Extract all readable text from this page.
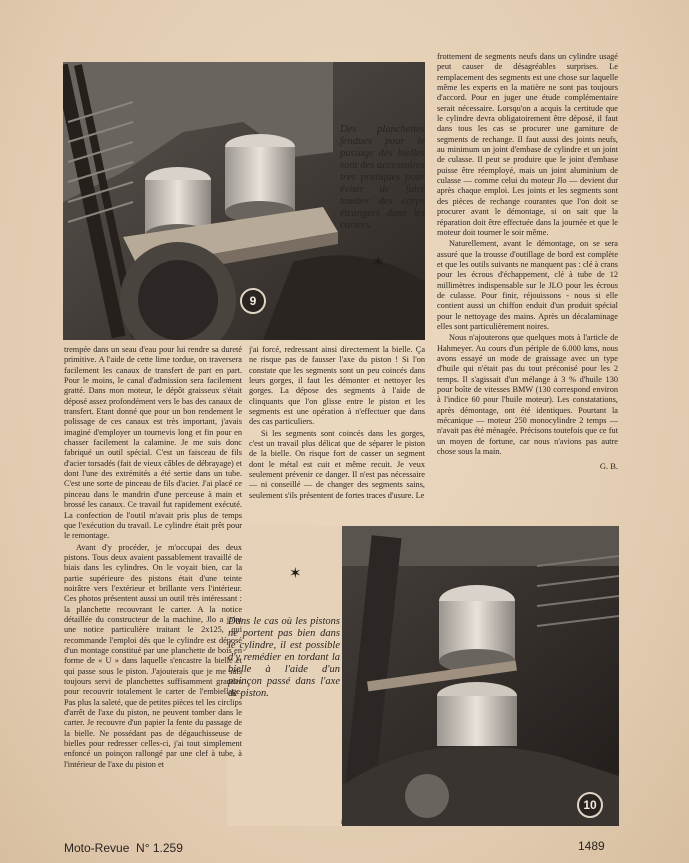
9
Des planchettes fendues pour le passage des bielles sont des accessoires très pratiques pour éviter de faire tomber des corps étrangers dans les carters.
✶
10
Dans le cas où les pistons ne portent pas bien dans le cylindre, il est possible d'y remédier en tordant la bielle à l'aide d'un poinçon passé dans l'axe de piston.
✶

trempée dans un seau d'eau pour lui rendre sa dureté primitive. A l'aide de cette lime tordue, on traversera facilement les canaux de transfert de part en part. Pour le moins, le canal d'admission sera facilement gratté. Dans mon moteur, le dépôt graisseux s'était déposé assez profondément vers le bas des canaux de transfert. Etant donné que pour un bon rendement le polissage de ces canaux est très important, j'avais imaginé d'employer un tournevis long et fin pour en chasser facilement la calamine. Je me suis donc fabriqué un outil spécial. C'est un faisceau de fils d'acier torsadés (fait de vieux câbles de débrayage) et dont l'une des extrémités a été sertie dans un tube. C'est une sorte de pinceau de fils d'acier. J'ai placé ce pinceau dans le mandrin d'une perceuse à main et brossé les canaux. Ce travail fut rapidement exécuté. La confection de l'outil m'avait pris plus de temps que l'exécution du travail. Le cylindre était prêt pour le remontage.

Avant d'y procéder, je m'occupai des deux pistons. Tous deux avaient passablement travaillé de biais dans les cylindres. On le voyait bien, car la partie supérieure des pistons était d'une teinte noirâtre vers l'extérieur et brillante vers l'intérieur. Ces photos présentent aussi un outil très intéressant : la planchette recouvrant le carter. A la notice détaillée du constructeur de la machine, Jlo a joint une notice particulière traitant le 2x125, qui recommande l'emploi dès que le cylindre est déposé d'un montage constitué par une planchette de bois en forme de « U » dans laquelle s'encastre la bielle et qui passe sous le piston. J'ajouterais que je me suis toujours servi de planchettes suffisamment grandes pour recouvrir totalement le carter de l'embiellage. Pas plus la saleté, que de petites pièces tel les circlips d'arrêt de l'axe du piston, ne peuvent tomber dans le carter. Je recouvre d'un papier la fente du passage de la bielle. Ne possédant pas de dégauchisseuse de bielles pour redresser celles-ci, j'ai tout simplement enfoncé un poinçon rallongé par une clef à tube, à l'intérieur de l'axe du piston et

j'ai forcé, redressant ainsi directement la bielle. Ça ne risque pas de fausser l'axe du piston ! Si l'on constate que les segments sont un peu coincés dans leurs gorges, il faut les démonter et nettoyer les gorges. La dépose des segments à l'aide de clinquants que l'on glisse entre le piston et les segments est une opération à n'effectuer que dans des cas particuliers.

Si les segments sont coincés dans les gorges, c'est un travail plus délicat que de séparer le piston de la bielle. On risque fort de casser un segment dont le métal est cuit et même recuit. Je veux seulement prévenir ce danger. Il n'est pas nécessaire — ni conseillé — de changer des segments sains, seulement s'ils présentent de fortes traces d'usure. Le

frottement de segments neufs dans un cylindre usagé peut causer de désagréables surprises. Le remplacement des segments est une chose sur laquelle même les experts en la matière ne sont pas toujours d'accord. Pour en juger une étude complémentaire serait nécessaire. Lorsqu'on a acquis la certitude que le cylindre devra obligatoirement être déposé, il faut dans tous les cas se procurer une garniture de segments de rechange. Il faut aussi des joints neufs, au minimum un joint d'embase de cylindre et un joint de culasse. Il peut se produire que le joint d'embase puisse être réemployé, mais un joint aluminium de culasse — comme celui du moteur Jlo — devient dur après chaque emploi. Les joints et les segments sont des pièces de rechange courantes que l'on doit se procurer avant le démontage, si on sait que la réparation doit être effectuée dans la journée et que le moteur doit tourner le soir même.

Naturellement, avant le démontage, on se sera assuré que la trousse d'outillage de bord est complète et que les outils suivants ne manquent pas : clé à crans pour les écrous d'échappement, clé à tube de 12 millimètres indispensable sur le JLO pour les écrous de culasse. Pour finir, réjouissons - nous si elle contient aussi un chiffon enduit d'un produit spécial pour le nettoyage des mains. Après un décalaminage elles sont particulièrement noires.

Nous n'ajouterons que quelques mots à l'article de Hahmeyer. Au cours d'un périple de 6.000 kms, nous avons essayé un mode de graissage avec un type d'huile qui n'était pas du tout préconisé pour les 2 temps. Il s'agissait d'un mélange à 3 % d'huile 130 pour boîte de vitesses BMW (130 correspond environ à l'indice 60 pour l'huile moteur). Les constatations, après démontage, ont été identiques. Pourtant la mécanique — moteur 250 monocylindre 2 temps — n'avait pas été ménagée. Précisons toutefois que ce fut un moyen de fortune, car nous n'avions pas autre chose sous la main.

G. B.
Moto-Revue N° 1.259	1489
